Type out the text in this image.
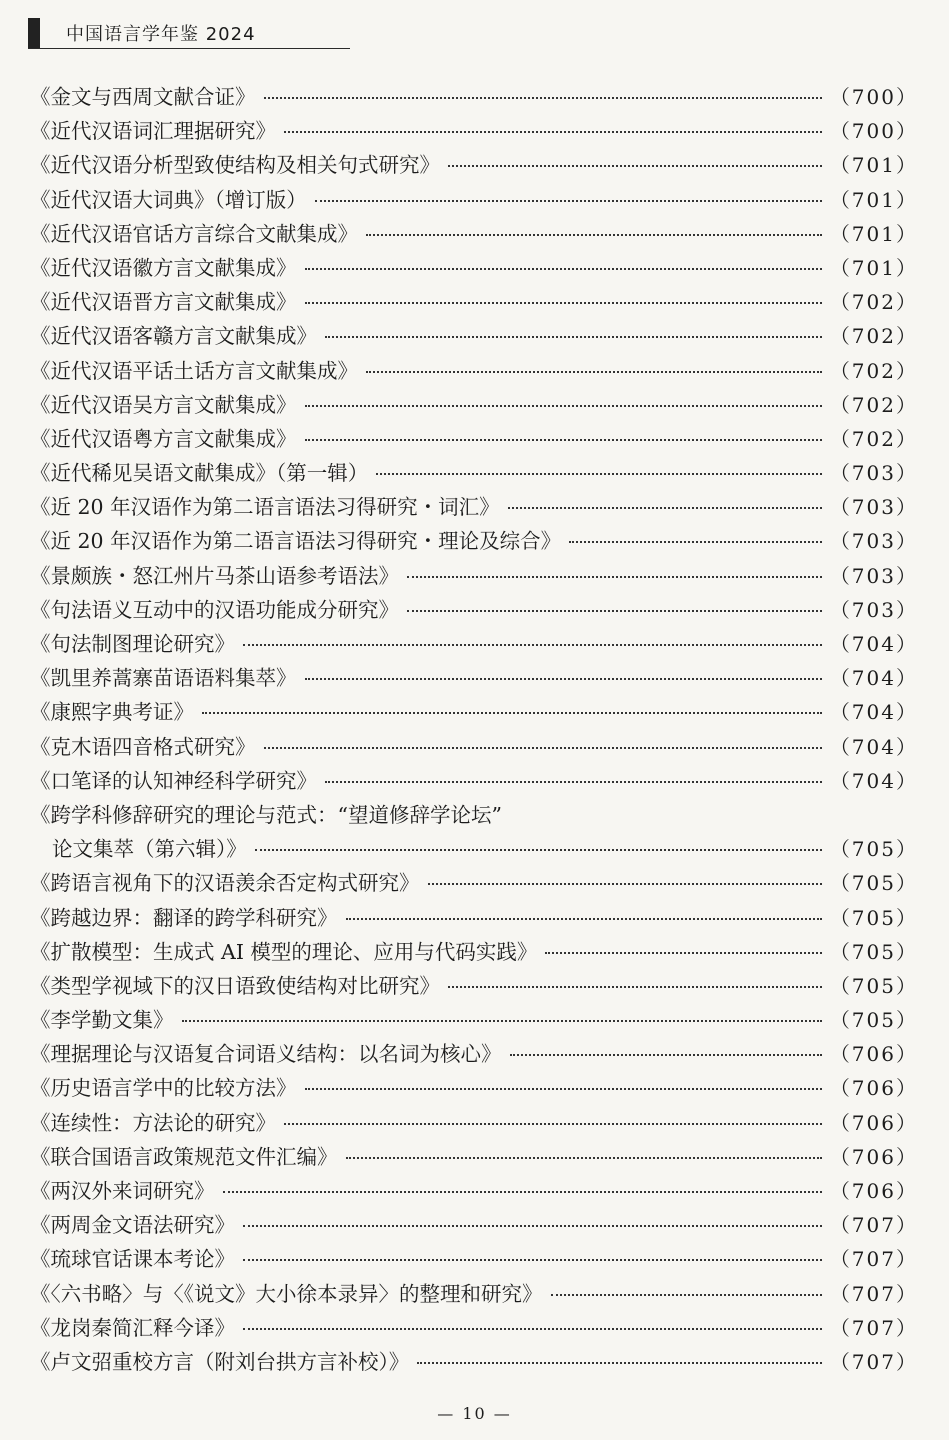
中国语言学年鉴 2024
《金文与西周文献合证》	（700）
《近代汉语词汇理据研究》	（700）
《近代汉语分析型致使结构及相关句式研究》	（701）
《近代汉语大词典》（增订版）	（701）
《近代汉语官话方言综合文献集成》	（701）
《近代汉语徽方言文献集成》	（701）
《近代汉语晋方言文献集成》	（702）
《近代汉语客赣方言文献集成》	（702）
《近代汉语平话土话方言文献集成》	（702）
《近代汉语吴方言文献集成》	（702）
《近代汉语粤方言文献集成》	（702）
《近代稀见吴语文献集成》（第一辑）	（703）
《近 20 年汉语作为第二语言语法习得研究・词汇》	（703）
《近 20 年汉语作为第二语言语法习得研究・理论及综合》	（703）
《景颇族・怒江州片马茶山语参考语法》	（703）
《句法语义互动中的汉语功能成分研究》	（703）
《句法制图理论研究》	（704）
《凯里养蒿寨苗语语料集萃》	（704）
《康熙字典考证》	（704）
《克木语四音格式研究》	（704）
《口笔译的认知神经科学研究》	（704）
《跨学科修辞研究的理论与范式：“望道修辞学论坛”
论文集萃（第六辑）》	（705）
《跨语言视角下的汉语羡余否定构式研究》	（705）
《跨越边界：翻译的跨学科研究》	（705）
《扩散模型：生成式 AI 模型的理论、应用与代码实践》	（705）
《类型学视域下的汉日语致使结构对比研究》	（705）
《李学勤文集》	（705）
《理据理论与汉语复合词语义结构：以名词为核心》	（706）
《历史语言学中的比较方法》	（706）
《连续性：方法论的研究》	（706）
《联合国语言政策规范文件汇编》	（706）
《两汉外来词研究》	（706）
《两周金文语法研究》	（707）
《琉球官话课本考论》	（707）
《〈六书略〉与〈《说文》大小徐本录异〉的整理和研究》	（707）
《龙岗秦简汇释今译》	（707）
《卢文弨重校方言（附刘台拱方言补校）》	（707）
— 10 —
